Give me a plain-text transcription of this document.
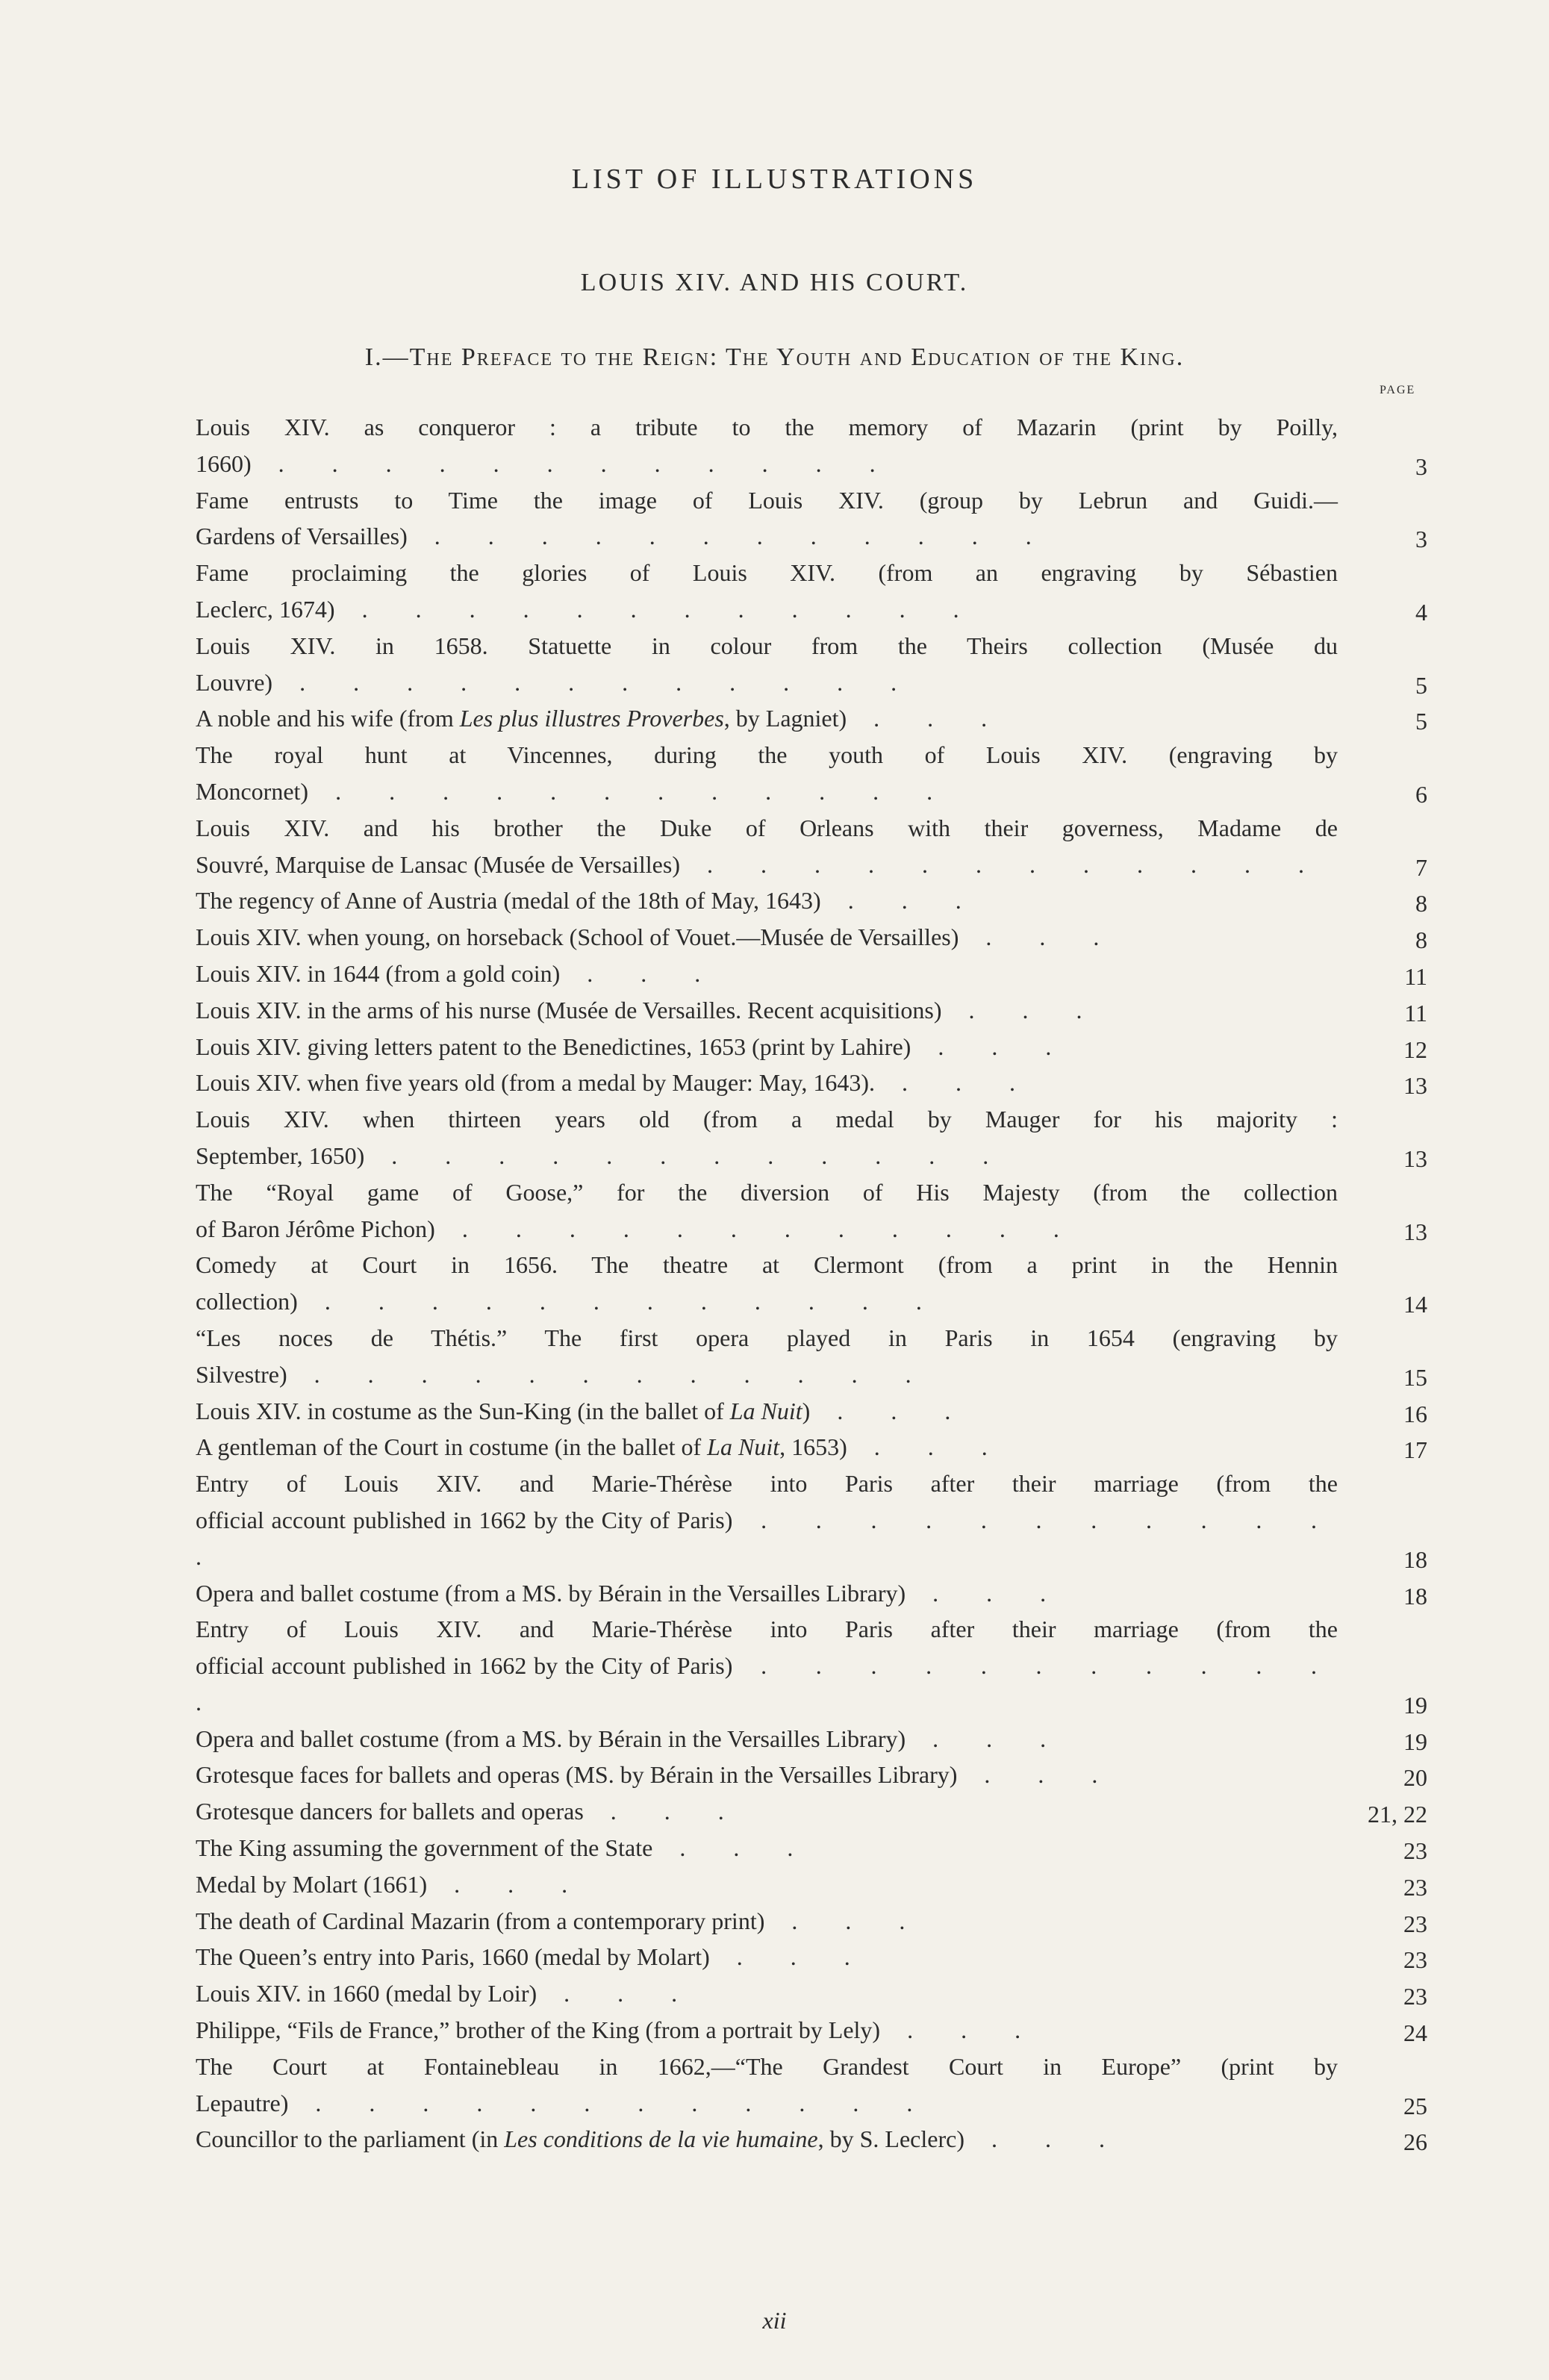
LIST OF ILLUSTRATIONS
LOUIS XIV. AND HIS COURT.
I.—The Preface to the Reign: The Youth and Education of the King.
PAGE
Louis XIV. as conqueror : a tribute to the memory of Mazarin (print by Poilly,
1660) . . . . . . . . . . . .	3
Fame entrusts to Time the image of Louis XIV. (group by Lebrun and Guidi.—
Gardens of Versailles) . . . . . . . . . . . .	3
Fame proclaiming the glories of Louis XIV. (from an engraving by Sébastien
Leclerc, 1674) . . . . . . . . . . . .	4
Louis XIV. in 1658. Statuette in colour from the Theirs collection (Musée du
Louvre) . . . . . . . . . . . .	5
A noble and his wife (from Les plus illustres Proverbes, by Lagniet) . . .	5
The royal hunt at Vincennes, during the youth of Louis XIV. (engraving by
Moncornet) . . . . . . . . . . . .	6
Louis XIV. and his brother the Duke of Orleans with their governess, Madame de
Souvré, Marquise de Lansac (Musée de Versailles) . . . . . . . . . . . .	7
The regency of Anne of Austria (medal of the 18th of May, 1643) . . .	8
Louis XIV. when young, on horseback (School of Vouet.—Musée de Versailles) . . .	8
Louis XIV. in 1644 (from a gold coin) . . .	11
Louis XIV. in the arms of his nurse (Musée de Versailles. Recent acquisitions) . . .	11
Louis XIV. giving letters patent to the Benedictines, 1653 (print by Lahire) . . .	12
Louis XIV. when five years old (from a medal by Mauger: May, 1643). . . .	13
Louis XIV. when thirteen years old (from a medal by Mauger for his majority :
September, 1650) . . . . . . . . . . . .	13
The “Royal game of Goose,” for the diversion of His Majesty (from the collection
of Baron Jérôme Pichon) . . . . . . . . . . . .	13
Comedy at Court in 1656. The theatre at Clermont (from a print in the Hennin
collection) . . . . . . . . . . . .	14
“Les noces de Thétis.” The first opera played in Paris in 1654 (engraving by
Silvestre) . . . . . . . . . . . .	15
Louis XIV. in costume as the Sun-King (in the ballet of La Nuit) . . .	16
A gentleman of the Court in costume (in the ballet of La Nuit, 1653) . . .	17
Entry of Louis XIV. and Marie-Thérèse into Paris after their marriage (from the
official account published in 1662 by the City of Paris) . . . . . . . . . . . .	18
Opera and ballet costume (from a MS. by Bérain in the Versailles Library) . . .	18
Entry of Louis XIV. and Marie-Thérèse into Paris after their marriage (from the
official account published in 1662 by the City of Paris) . . . . . . . . . . . .	19
Opera and ballet costume (from a MS. by Bérain in the Versailles Library) . . .	19
Grotesque faces for ballets and operas (MS. by Bérain in the Versailles Library) . . .	20
Grotesque dancers for ballets and operas . . .	21, 22
The King assuming the government of the State . . .	23
Medal by Molart (1661) . . .	23
The death of Cardinal Mazarin (from a contemporary print) . . .	23
The Queen’s entry into Paris, 1660 (medal by Molart) . . .	23
Louis XIV. in 1660 (medal by Loir) . . .	23
Philippe, “Fils de France,” brother of the King (from a portrait by Lely) . . .	24
The Court at Fontainebleau in 1662,—“The Grandest Court in Europe” (print by
Lepautre) . . . . . . . . . . . .	25
Councillor to the parliament (in Les conditions de la vie humaine, by S. Leclerc) . . .	26
xii
